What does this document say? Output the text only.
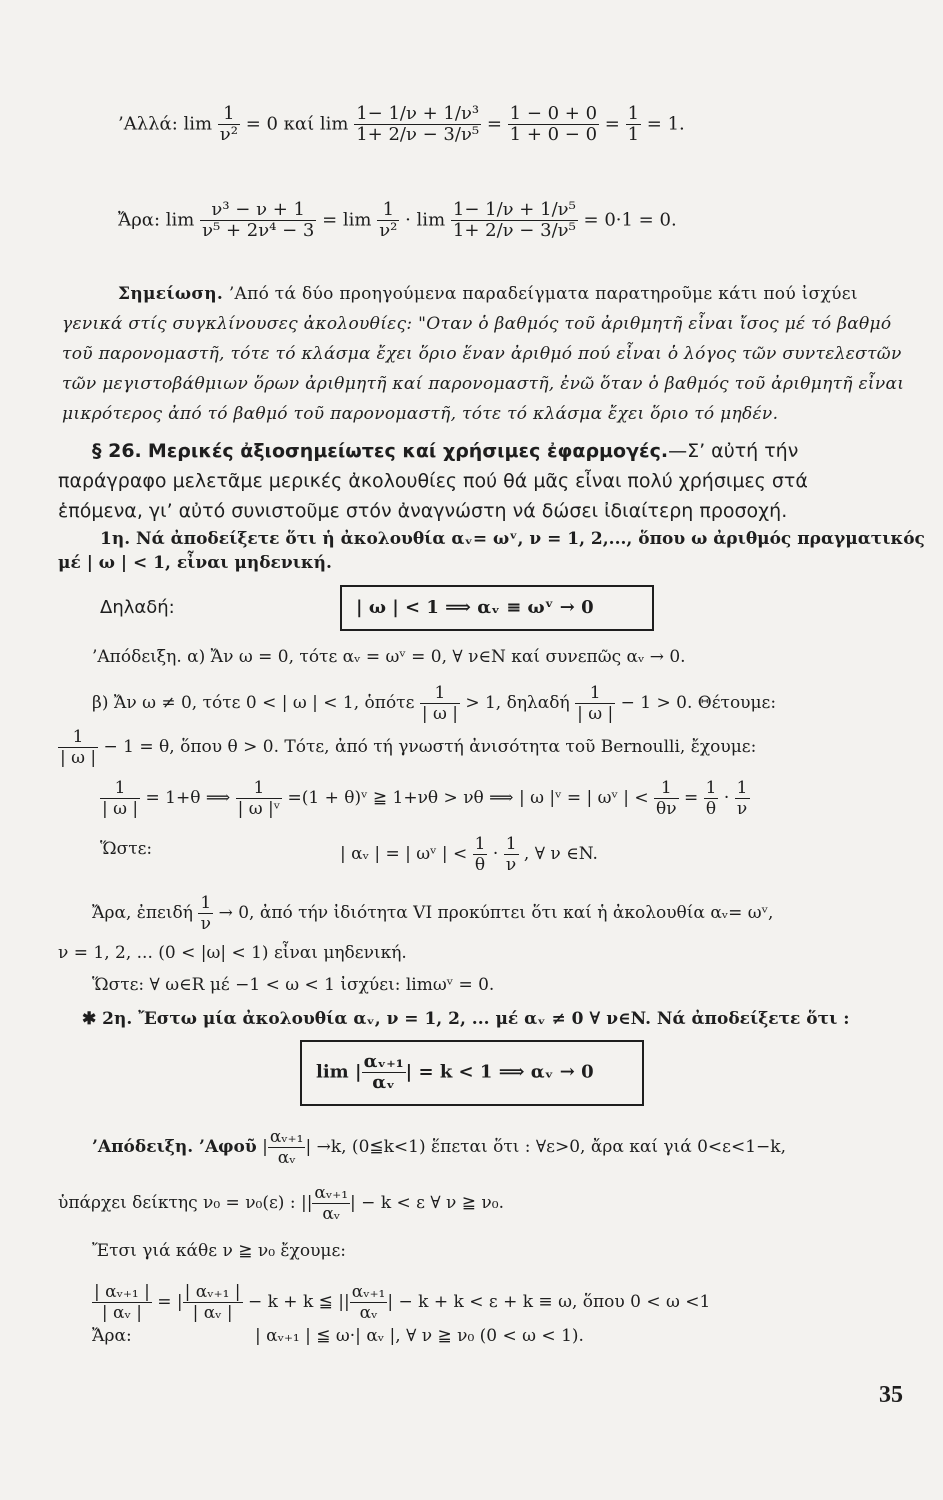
’Αλλά: $\lim \frac{1}{\text{ν²}} = 0$ καί $\lim \frac{\text{1− 1/ν + 1/ν³}}{\text{1+ 2/ν − 3/ν⁵}} = \frac{1 - 0 + 0}{1 + 0 - 0} = \frac{1}{1} = 1$.
Ἄρα: $\lim \frac{\text{ν³ − ν + 1}}{\text{ν⁵ + 2ν⁴ − 3}} = \lim \frac{1}{\text{ν²}} \cdot \lim \frac{\text{1− 1/ν + 1/ν⁵}}{\text{1+ 2/ν − 3/ν⁵}} = 0\cdot 1 = 0$.
Σημείωση. ’Από τά δύο προηγούμενα παραδείγματα παρατηροῦμε κάτι πού ἰσχύει
γενικά στίς συγκλίνουσες ἀκολουθίες: "Οταν ὁ βαθμός τοῦ ἀριθμητῆ εἶναι ἴσος μέ τό βαθμό
τοῦ παρονομαστῆ, τότε τό κλάσμα ἔχει ὅριο ἕναν ἀριθμό πού εἶναι ὁ λόγος τῶν συντελεστῶν
τῶν μεγιστοβάθμιων ὅρων ἀριθμητῆ καί παρονομαστῆ, ἐνῶ ὅταν ὁ βαθμός τοῦ ἀριθμητῆ εἶναι
μικρότερος ἀπό τό βαθμό τοῦ παρονομαστῆ, τότε τό κλάσμα ἔχει ὅριο τό μηδέν.
§ 26. Μερικές ἀξιοσημείωτες καί χρήσιμες ἐφαρμογές.—Σ’ αὐτή τήν
παράγραφο μελετᾶμε μερικές ἀκολουθίες πού θά μᾶς εἶναι πολύ χρήσιμες στά
ἑπόμενα, γι’ αὐτό συνιστοῦμε στόν ἀναγνώστη νά δώσει ἰδιαίτερη προσοχή.
1η. Νά ἀποδείξετε ὅτι ἡ ἀκολουθία αᵥ= ωᵛ, ν = 1, 2,..., ὅπου ω ἀριθμός πραγματικός
μέ | ω | < 1, εἶναι μηδενική.
Δηλαδή:	| ω | < 1 ⟹ αᵥ ≡ ωᵛ → 0
’Απόδειξη. α) Ἄν ω = 0, τότε αᵥ = ωᵛ = 0, ∀ ν∈N καί συνεπῶς αᵥ → 0.
β) Ἄν ω ≠ 0, τότε 0 < | ω | < 1, ὁπότε $\frac{1}{| \omega |} > 1$, δηλαδή $\frac{1}{| \omega |} - 1 > 0$. Θέτουμε:
$\frac{1}{| \omega |} - 1 = \theta$, ὅπου θ > 0. Τότε, ἀπό τή γνωστή ἀνισότητα τοῦ Bernoulli, ἔχουμε:
$\frac{1}{| \omega |} = 1+\theta$ ⟹ $\frac{1}{\text{| ω |ᵛ}} =(1$ + θ)ᵛ ≧ 1+νθ > νθ ⟹ | ω |ᵛ = | ωᵛ | < $\frac{1}{\theta\nu} = \frac{1}{\theta} \cdot \frac{1}{\nu}$
Ὥστε:	| αᵥ | = | ωᵛ | < $\frac{1}{\theta} \cdot \frac{1}{\nu}$ , ∀ ν ∈N.
Ἄρα, ἐπειδή $\frac{1}{\nu} \to 0$, ἀπό τήν ἰδιότητα VI προκύπτει ὅτι καί ἡ ἀκολουθία αᵥ= ωᵛ,
ν = 1, 2, ... (0 < |ω| < 1) εἶναι μηδενική.
Ὥστε: ∀ ω∈R μέ −1 < ω < 1 ἰσχύει: limωᵛ = 0.
✱ 2η. Ἔστω μία ἀκολουθία αᵥ, ν = 1, 2, ... μέ αᵥ ≠ 0 ∀ ν∈N. Νά ἀποδείξετε ὅτι :
lim | $\frac{\text{αᵥ₊₁}}{\text{αᵥ}}$ | = k < 1 ⟹ αᵥ → 0
’Απόδειξη. ’Αφοῦ | $\frac{\text{αᵥ₊₁}}{\text{αᵥ}}$ | →k, (0≦k<1) ἕπεται ὅτι : ∀ε>0, ἄρα καί γιά 0<ε<1−k,
ὑπάρχει δείκτης ν₀ = ν₀(ε) : || $\frac{\text{αᵥ₊₁}}{\text{αᵥ}}$ | − k < ε ∀ ν ≧ ν₀.
Ἔτσι γιά κάθε ν ≧ ν₀ ἔχουμε:
$\frac{\text{| αᵥ₊₁ |}}{\text{| αᵥ |}}$ = | $\frac{\text{| αᵥ₊₁ |}}{\text{| αᵥ |}} - k + k$ ≦ || $\frac{\text{αᵥ₊₁}}{\text{αᵥ}}$ | − k + k < ε + k ≡ ω, ὅπου 0 < ω <1
Ἄρα:	| αᵥ₊₁ | ≦ ω·| αᵥ |, ∀ ν ≧ ν₀ (0 < ω < 1).
35
